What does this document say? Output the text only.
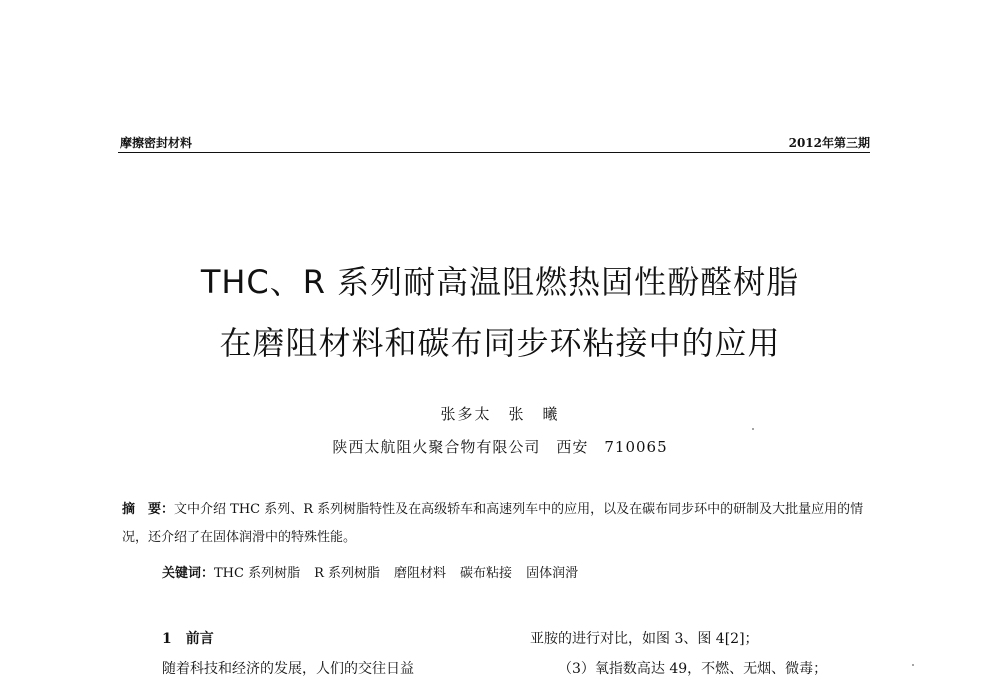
摩擦密封材料	2012年第三期
THC、R 系列耐高温阻燃热固性酚醛树脂
在磨阻材料和碳布同步环粘接中的应用
张多太　张　曦
陕西太航阻火聚合物有限公司　西安　710065
摘　要：文中介绍 THC 系列、R 系列树脂特性及在高级轿车和高速列车中的应用，以及在碳布同步环中的研制及大批量应用的情况，还介绍了在固体润滑中的特殊性能。
关键词：THC 系列树脂 R 系列树脂 磨阻材料 碳布粘接 固体润滑
1　前言
随着科技和经济的发展，人们的交往日益
亚胺的进行对比，如图 3、图 4[2]；
（3）氧指数高达 49，不燃、无烟、微毒；
